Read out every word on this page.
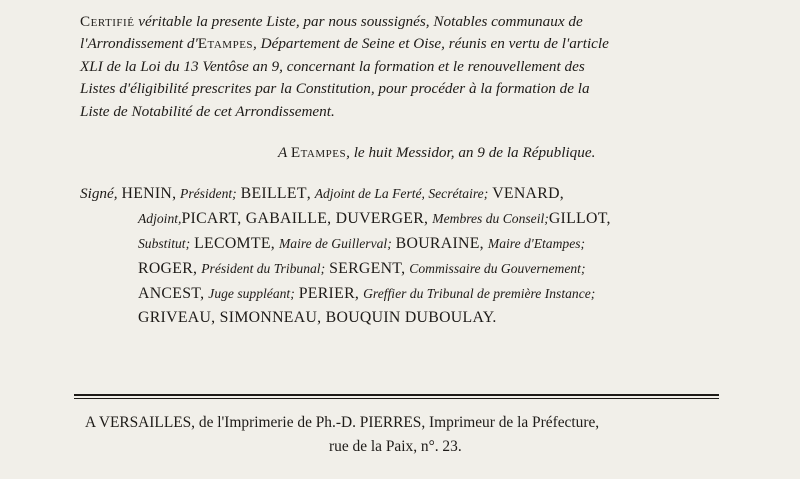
Certifié véritable la presente Liste, par nous soussignés, Notables communaux de
l'Arrondissement d'Etampes, Département de Seine et Oise, réunis en vertu de l'article
XLI de la Loi du 13 Ventôse an 9, concernant la formation et le renouvellement des
Listes d'éligibilité prescrites par la Constitution, pour procéder à la formation de la
Liste de Notabilité de cet Arrondissement.
A Etampes, le huit Messidor, an 9 de la République.
Signé, HENIN, Président; BEILLET, Adjoint de La Ferté, Secrétaire; VENARD,
Adjoint,PICART, GABAILLE, DUVERGER, Membres du Conseil;GILLOT,
Substitut; LECOMTE, Maire de Guillerval; BOURAINE, Maire d'Etampes;
ROGER, Président du Tribunal; SERGENT, Commissaire du Gouvernement;
ANCEST, Juge suppléant; PERIER, Greffier du Tribunal de première Instance;
GRIVEAU, SIMONNEAU, BOUQUIN DUBOULAY.
A VERSAILLES, de l'Imprimerie de Ph.-D. PIERRES, Imprimeur de la Préfecture,
rue de la Paix, n°. 23.
